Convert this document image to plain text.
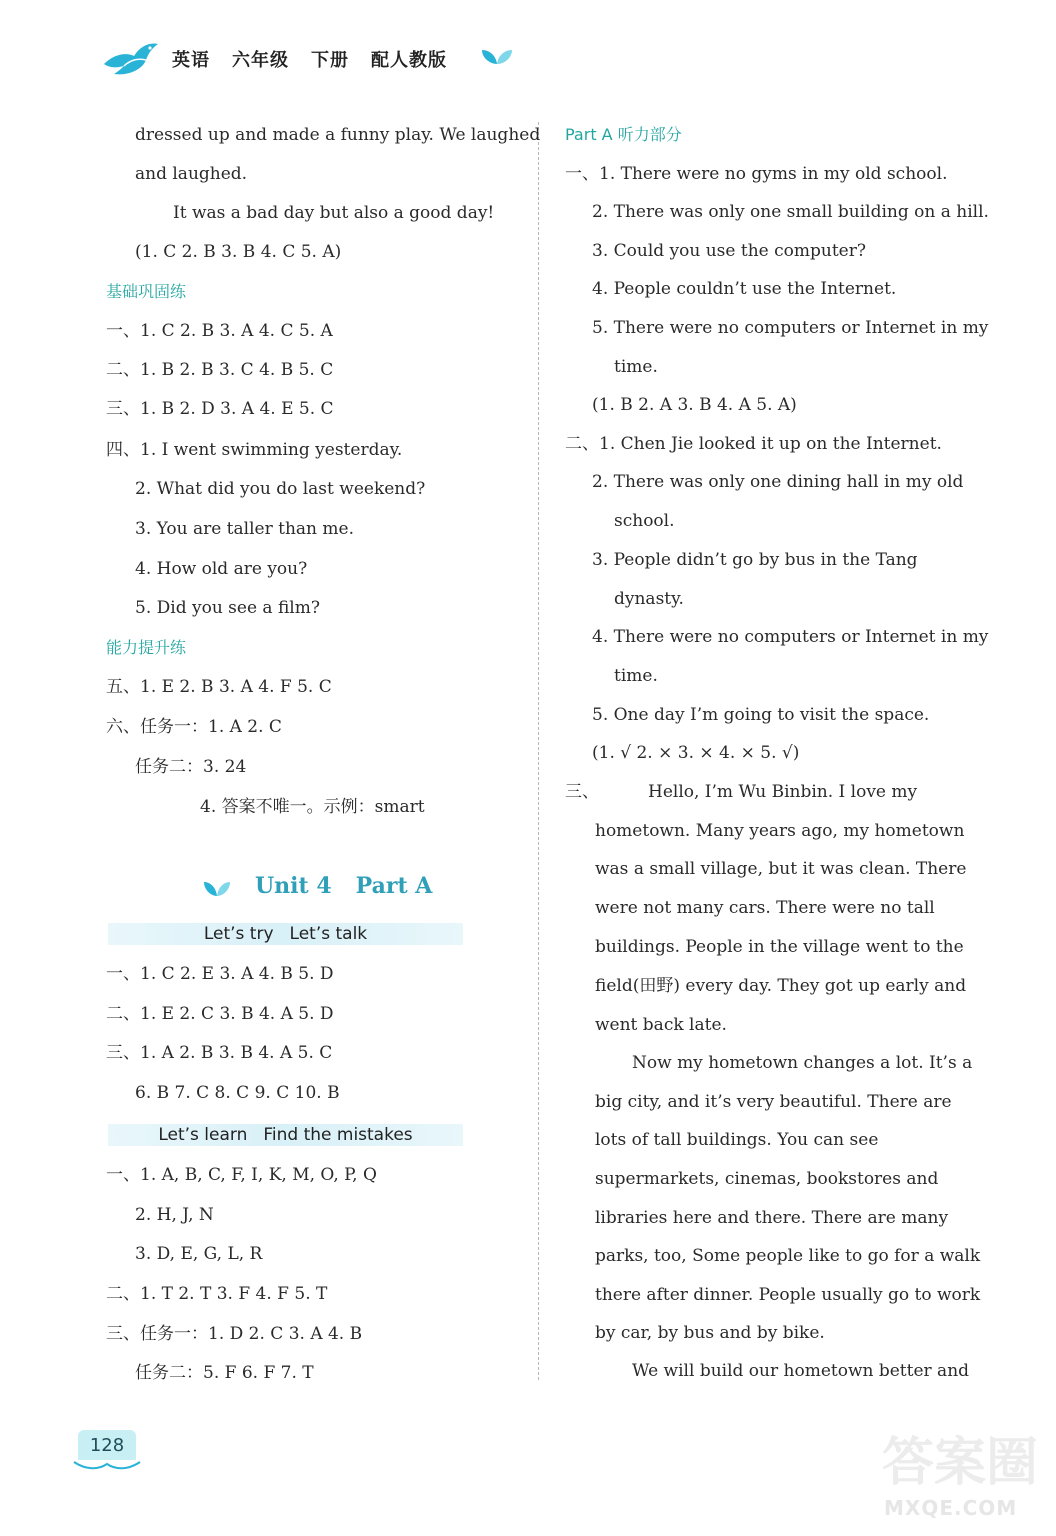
英语 六年级 下册 配人教版
dressed up and made a funny play. We laughed
and laughed.
It was a bad day but also a good day!
(1. C 2. B 3. B 4. C 5. A)
基础巩固练
一、1. C 2. B 3. A 4. C 5. A
二、1. B 2. B 3. C 4. B 5. C
三、1. B 2. D 3. A 4. E 5. C
四、1. I went swimming yesterday.
2. What did you do last weekend?
3. You are taller than me.
4. How old are you?
5. Did you see a film?
能力提升练
五、1. E 2. B 3. A 4. F 5. C
六、任务一：1. A 2. C
任务二：3. 24
4. 答案不唯一。示例：smart
Unit 4 Part A
Let’s try Let’s talk
一、1. C 2. E 3. A 4. B 5. D
二、1. E 2. C 3. B 4. A 5. D
三、1. A 2. B 3. B 4. A 5. C
6. B 7. C 8. C 9. C 10. B
Let’s learn Find the mistakes
一、1. A, B, C, F, I, K, M, O, P, Q
2. H, J, N
3. D, E, G, L, R
二、1. T 2. T 3. F 4. F 5. T
三、任务一：1. D 2. C 3. A 4. B
任务二：5. F 6. F 7. T
Part A 听力部分
一、1. There were no gyms in my old school.
2. There was only one small building on a hill.
3. Could you use the computer?
4. People couldn’t use the Internet.
5. There were no computers or Internet in my
time.
(1. B 2. A 3. B 4. A 5. A)
二、1. Chen Jie looked it up on the Internet.
2. There was only one dining hall in my old
school.
3. People didn’t go by bus in the Tang
dynasty.
4. There were no computers or Internet in my
time.
5. One day I’m going to visit the space.
(1. √ 2. × 3. × 4. × 5. √)
三、	Hello, I’m Wu Binbin. I love my
hometown. Many years ago, my hometown
was a small village, but it was clean. There
were not many cars. There were no tall
buildings. People in the village went to the
field(田野) every day. They got up early and
went back late.
Now my hometown changes a lot. It’s a
big city, and it’s very beautiful. There are
lots of tall buildings. You can see
supermarkets, cinemas, bookstores and
libraries here and there. There are many
parks, too, Some people like to go for a walk
there after dinner. People usually go to work
by car, by bus and by bike.
We will build our hometown better and
128	答案圈
MXQE.COM
